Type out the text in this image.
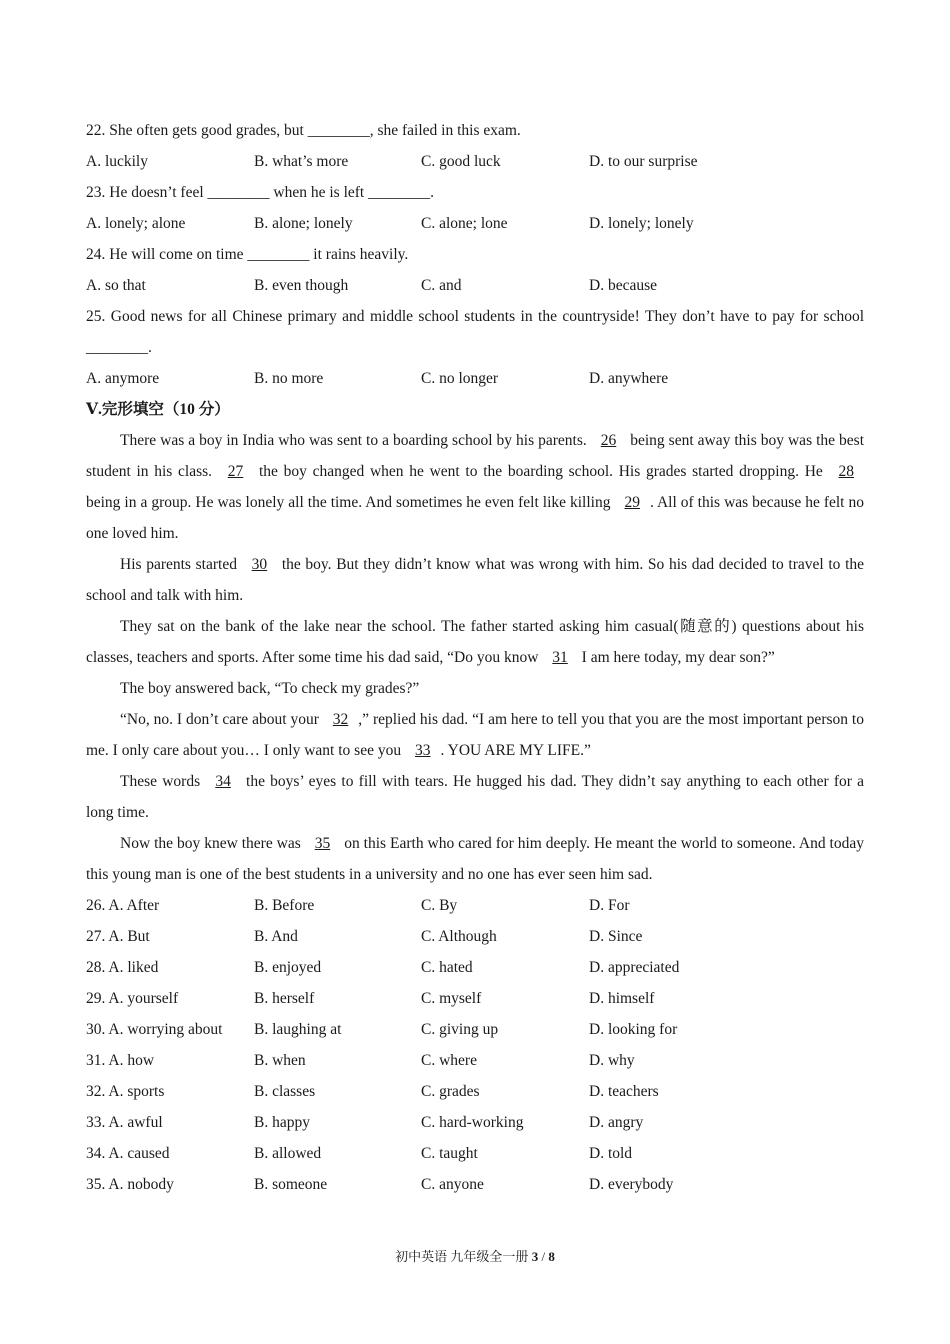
22. She often gets good grades, but ________, she failed in this exam.
A. luckily	B. what’s more	C. good luck	D. to our surprise
23. He doesn’t feel ________ when he is left ________.
A. lonely; alone	B. alone; lonely	C. alone; lone	D. lonely; lonely
24. He will come on time ________ it rains heavily.
A. so that	B. even though	C. and	D. because

25. Good news for all Chinese primary and middle school students in the countryside! They don’t have to pay for school ________.

A. anymore	B. no more	C. no longer	D. anywhere
Ⅴ.完形填空（10 分）

There was a boy in India who was sent to a boarding school by his parents. 26 being sent away this boy was the best student in his class. 27 the boy changed when he went to the boarding school. His grades started dropping. He 28 being in a group. He was lonely all the time. And sometimes he even felt like killing 29 . All of this was because he felt no one loved him.

His parents started 30 the boy. But they didn’t know what was wrong with him. So his dad decided to travel to the school and talk with him.

They sat on the bank of the lake near the school. The father started asking him casual(随意的) questions about his classes, teachers and sports. After some time his dad said, “Do you know 31 I am here today, my dear son?”

The boy answered back, “To check my grades?”

“No, no. I don’t care about your 32 ,” replied his dad. “I am here to tell you that you are the most important person to me. I only care about you… I only want to see you 33 . YOU ARE MY LIFE.”

These words 34 the boys’ eyes to fill with tears. He hugged his dad. They didn’t say anything to each other for a long time.

Now the boy knew there was 35 on this Earth who cared for him deeply. He meant the world to someone. And today this young man is one of the best students in a university and no one has ever seen him sad.

26. A. After	B. Before	C. By	D. For
27. A. But	B. And	C. Although	D. Since
28. A. liked	B. enjoyed	C. hated	D. appreciated
29. A. yourself	B. herself	C. myself	D. himself
30. A. worrying about	B. laughing at	C. giving up	D. looking for
31. A. how	B. when	C. where	D. why
32. A. sports	B. classes	C. grades	D. teachers
33. A. awful	B. happy	C. hard-working	D. angry
34. A. caused	B. allowed	C. taught	D. told
35. A. nobody	B. someone	C. anyone	D. everybody
初中英语 九年级全一册 3 / 8
